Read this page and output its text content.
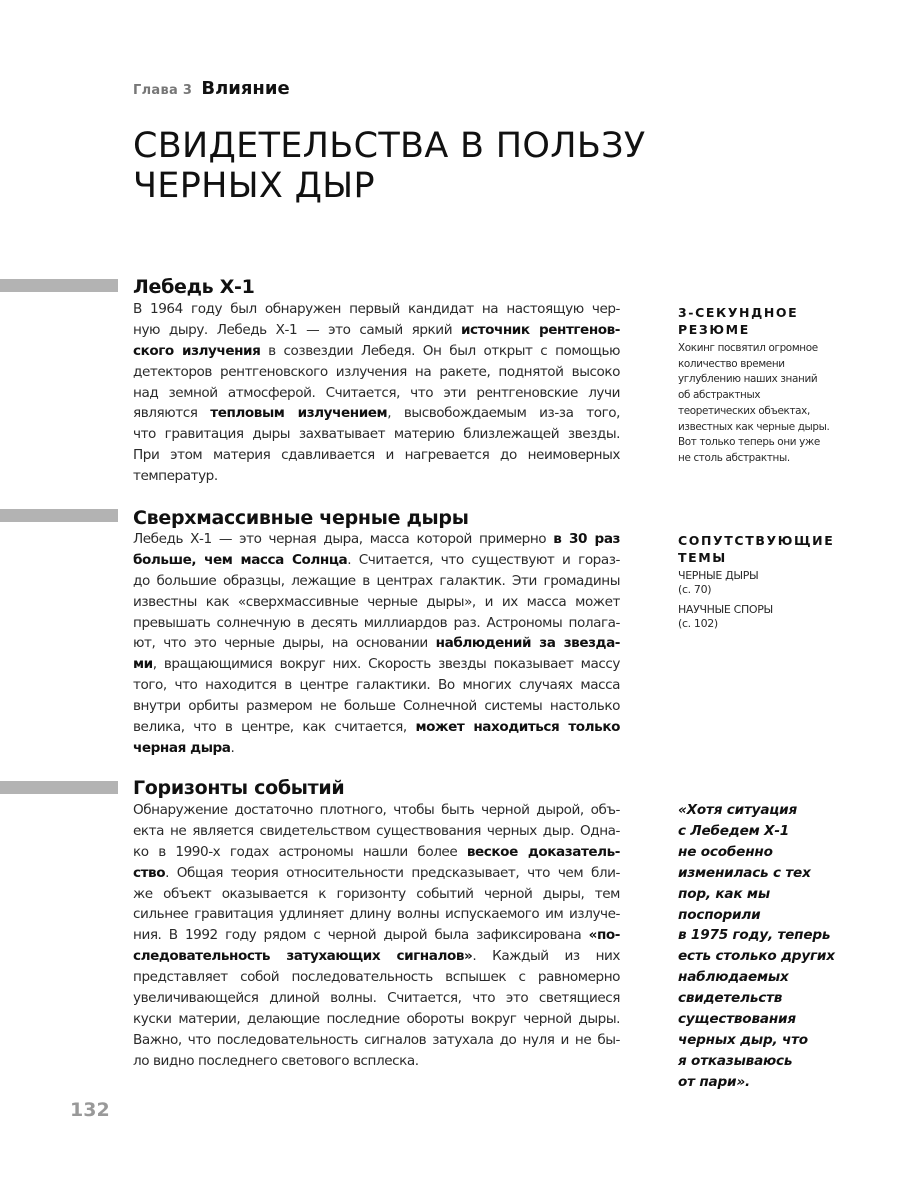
Глава 3 Влияние
СВИДЕТЕЛЬСТВА В ПОЛЬЗУ
ЧЕРНЫХ ДЫР
Лебедь Х-1
В 1964 году был обнаружен первый кандидат на настоящую чер-
ную дыру. Лебедь Х-1 — это самый яркий источник рентгенов-
ского излучения в созвездии Лебедя. Он был открыт с помощью
детекторов рентгеновского излучения на ракете, поднятой высоко
над земной атмосферой. Считается, что эти рентгеновские лучи
являются тепловым излучением, высвобождаемым из-за того,
что гравитация дыры захватывает материю близлежащей звезды.
При этом материя сдавливается и нагревается до неимоверных
температур.
Сверхмассивные черные дыры
Лебедь Х-1 — это черная дыра, масса которой примерно в 30 раз
больше, чем масса Солнца. Считается, что существуют и гораз-
до большие образцы, лежащие в центрах галактик. Эти громадины
известны как «сверхмассивные черные дыры», и их масса может
превышать солнечную в десять миллиардов раз. Астрономы полага-
ют, что это черные дыры, на основании наблюдений за звезда-
ми, вращающимися вокруг них. Скорость звезды показывает массу
того, что находится в центре галактики. Во многих случаях масса
внутри орбиты размером не больше Солнечной системы настолько
велика, что в центре, как считается, может находиться только
черная дыра.
Горизонты событий
Обнаружение достаточно плотного, чтобы быть черной дырой, объ-
екта не является свидетельством существования черных дыр. Одна-
ко в 1990-х годах астрономы нашли более веское доказатель-
ство. Общая теория относительности предсказывает, что чем бли-
же объект оказывается к горизонту событий черной дыры, тем
сильнее гравитация удлиняет длину волны испускаемого им излуче-
ния. В 1992 году рядом с черной дырой была зафиксирована «по-
следовательность затухающих сигналов». Каждый из них
представляет собой последовательность вспышек с равномерно
увеличивающейся длиной волны. Считается, что это светящиеся
куски материи, делающие последние обороты вокруг черной дыры.
Важно, что последовательность сигналов затухала до нуля и не бы-
ло видно последнего светового всплеска.
3-СЕКУНДНОЕ
РЕЗЮМЕ
Хокинг посвятил огромное
количество времени
углублению наших знаний
об абстрактных
теоретических объектах,
известных как черные дыры.
Вот только теперь они уже
не столь абстрактны.
СОПУТСТВУЮЩИЕ
ТЕМЫ
ЧЕРНЫЕ ДЫРЫ
(с. 70)
НАУЧНЫЕ СПОРЫ
(с. 102)
«Хотя ситуация
с Лебедем Х-1
не особенно
изменилась с тех
пор, как мы
поспорили
в 1975 году, теперь
есть столько других
наблюдаемых
свидетельств
существования
черных дыр, что
я отказываюсь
от пари».
132
